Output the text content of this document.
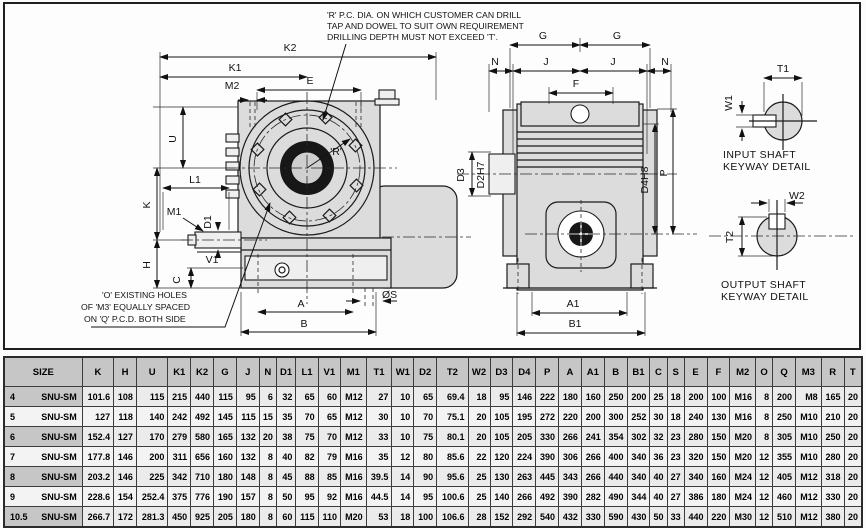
K2
K1
E
M2
U
K
H
C
L1
M1
D1
V1
A
B
ØS
'R'
G	G
N	J	J	N
F
D3 D2H7	D4H8 P
A1
B1
T1
W1
INPUT SHAFT
KEYWAY DETAIL
W2
T2
OUTPUT SHAFT
KEYWAY DETAIL
'R' P.C. DIA. ON WHICH CUSTOMER CAN DRILL
TAP AND DOWEL TO SUIT OWN REQUIREMENT
DRILLING DEPTH MUST NOT EXCEED 'T'.
'O' EXISTING HOLES
OF 'M3' EQUALLY SPACED
ON 'Q' P.C.D. BOTH SIDE
SIZE	K	H	U	K1	K2	G	J	N	D1	L1	V1	M1	T1	W1	D2	T2	W2	D3	D4	P	A	A1	B	B1	C	S	E	F	M2	O	Q	M3	R	T

4 SNU-SM	101.6	108	115	215	440	115	95	6	32	65	60	M12	27	10	65	69.4	18	95	146	222	180	160	250	200	25	18	200	100	M16	8	200	M8	165	20

5 SNU-SM	127	118	140	242	492	145	115	15	35	70	65	M12	30	10	70	75.1	20	105	195	272	220	200	300	252	30	18	240	130	M16	8	250	M10	210	20

6 SNU-SM	152.4	127	170	279	580	165	132	20	38	75	70	M12	33	10	75	80.1	20	105	205	330	266	241	354	302	32	23	280	150	M20	8	305	M10	250	20

7 SNU-SM	177.8	146	200	311	656	160	132	8	40	82	79	M16	35	12	80	85.6	22	120	224	390	306	266	400	340	36	23	320	150	M20	12	355	M10	280	20

8 SNU-SM	203.2	146	225	342	710	180	148	8	45	88	85	M16	39.5	14	90	95.6	25	130	263	445	343	266	440	340	40	27	340	160	M24	12	405	M12	318	20

9 SNU-SM	228.6	154	252.4	375	776	190	157	8	50	95	92	M16	44.5	14	95	100.6	25	140	266	492	390	282	490	344	40	27	386	180	M24	12	460	M12	330	20

10.5 SNU-SM	266.7	172	281.3	450	925	205	180	8	60	115	110	M20	53	18	100	106.6	28	152	292	540	432	330	590	430	50	33	440	220	M30	12	510	M12	380	20
